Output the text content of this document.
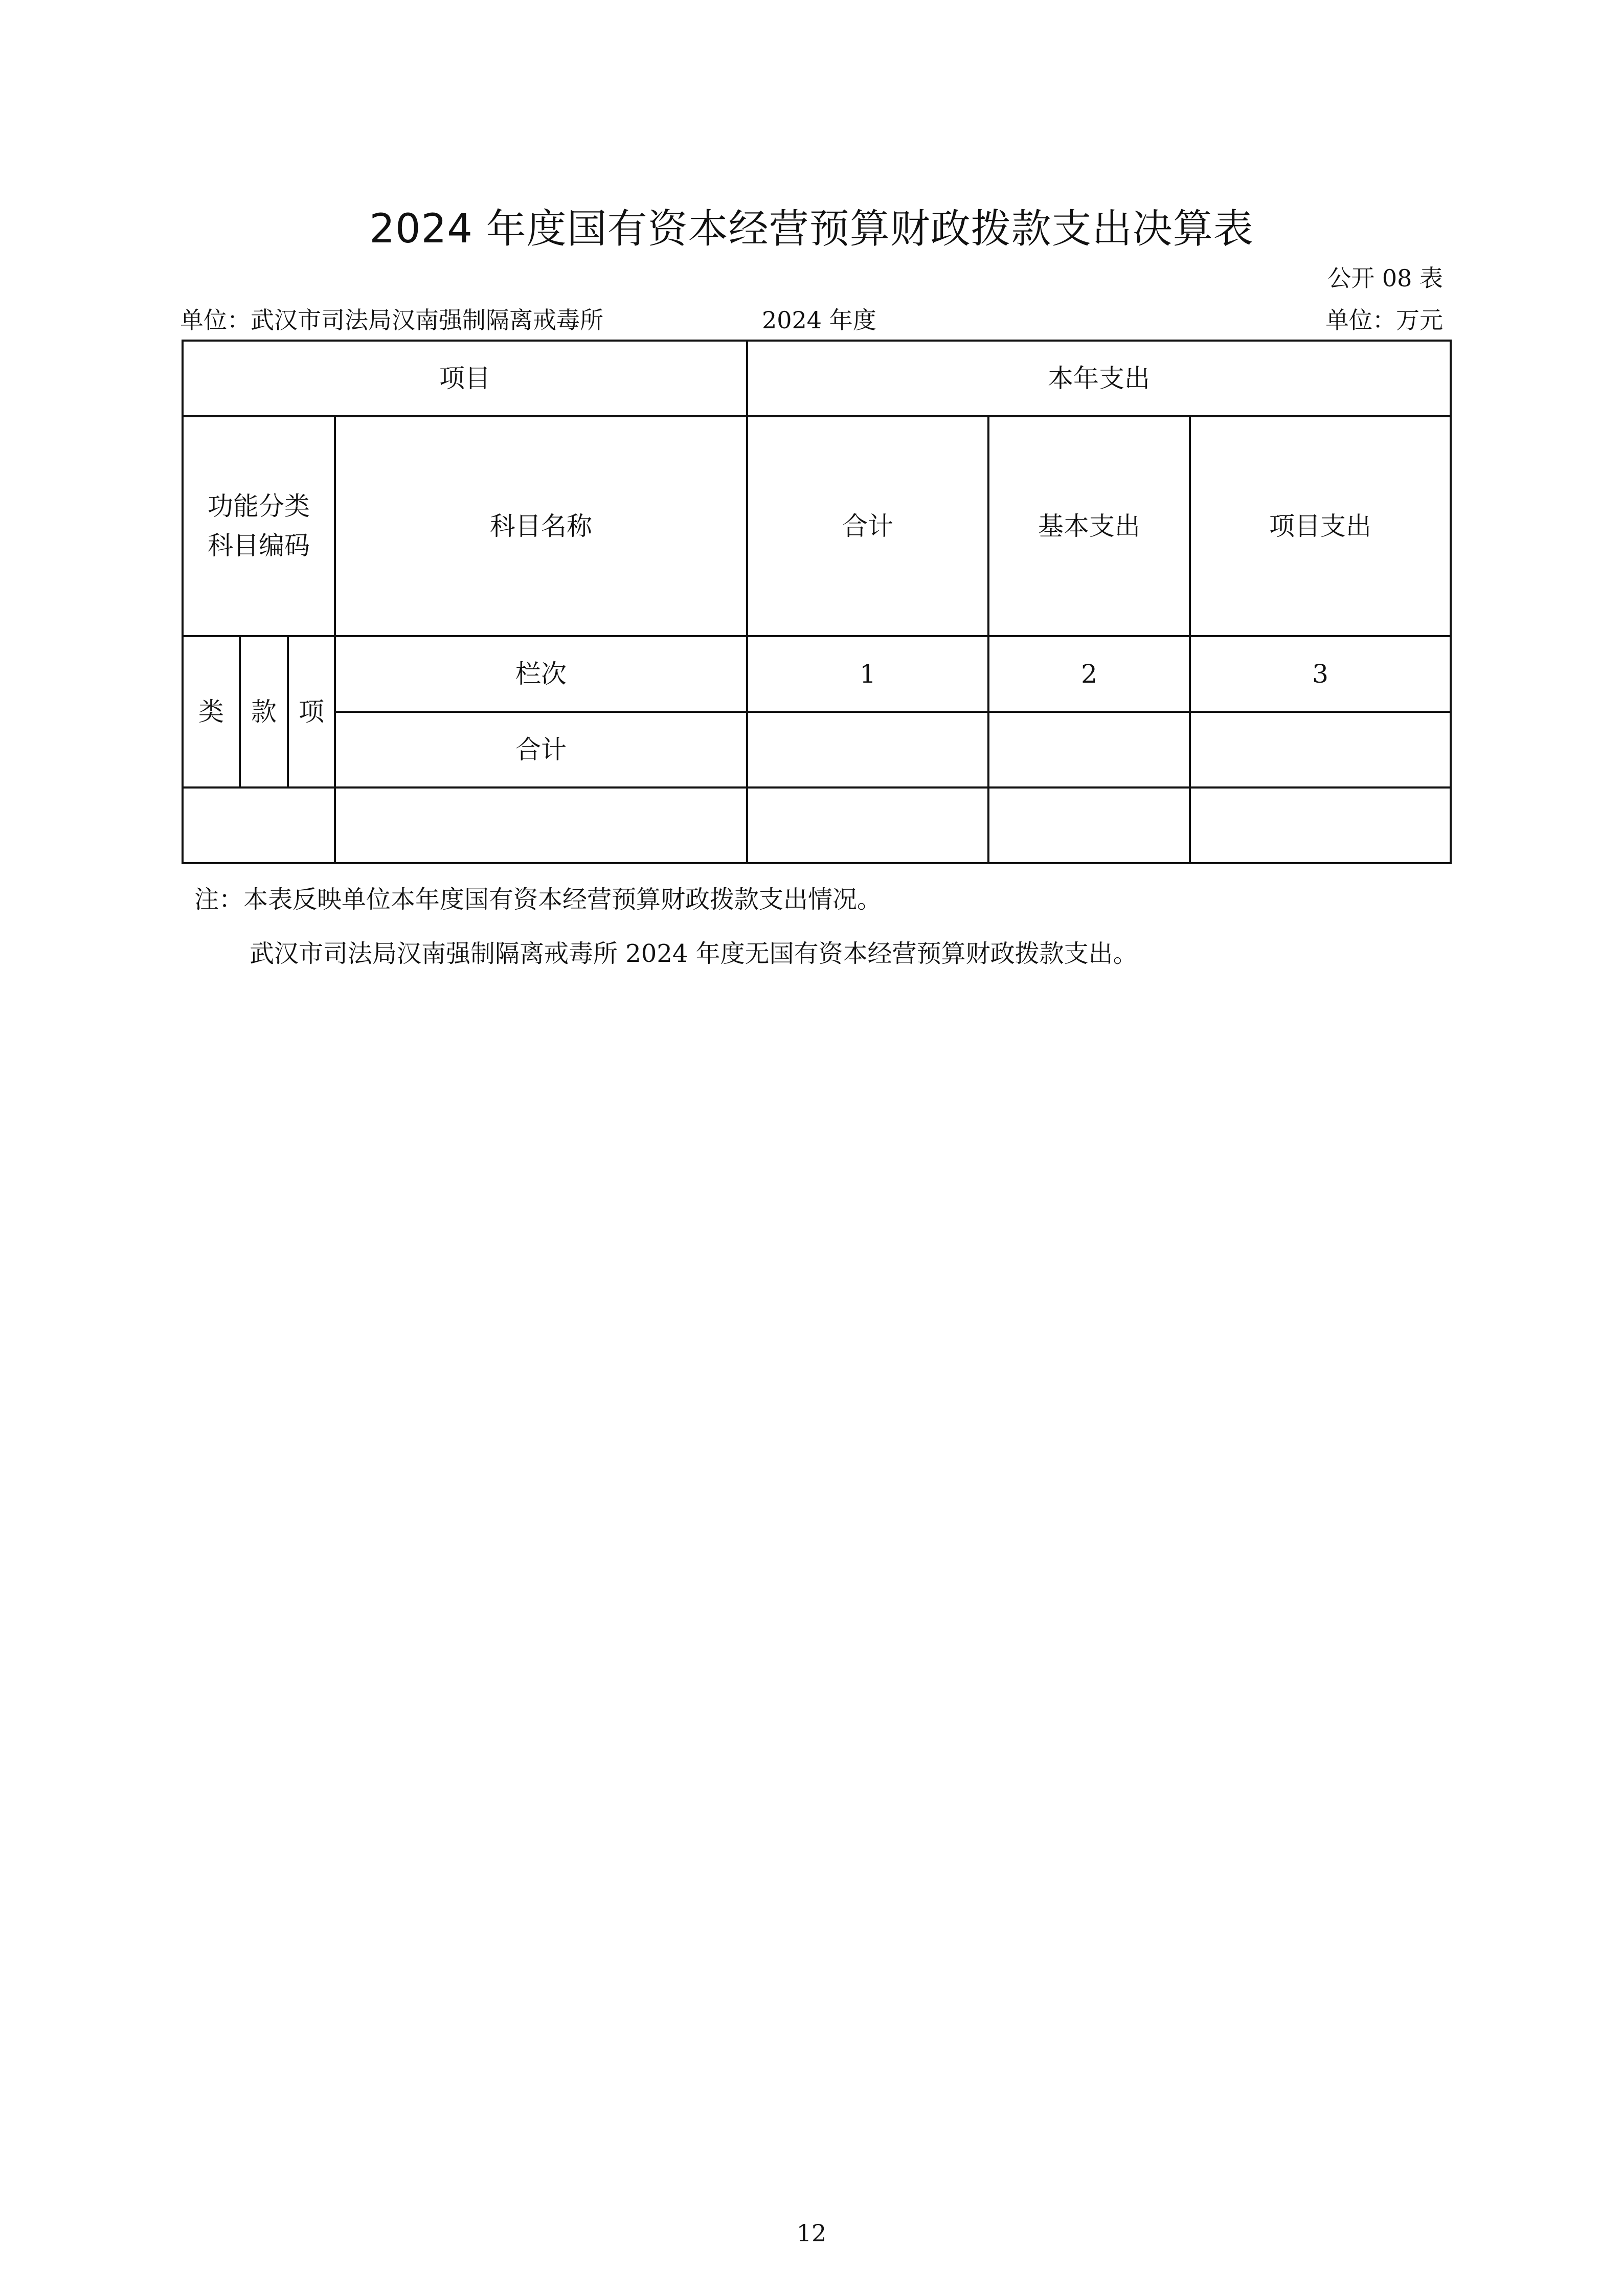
2024 年度国有资本经营预算财政拨款支出决算表
公开 08 表
单位：武汉市司法局汉南强制隔离戒毒所	2024 年度	单位：万元
项目				本年支出		

功能分类科目编码			科目名称	合计	基本支出	项目支出
类	款	项	栏次	1	2	3
			合计			

注：本表反映单位本年度国有资本经营预算财政拨款支出情况。
武汉市司法局汉南强制隔离戒毒所 2024 年度无国有资本经营预算财政拨款支出。
12
